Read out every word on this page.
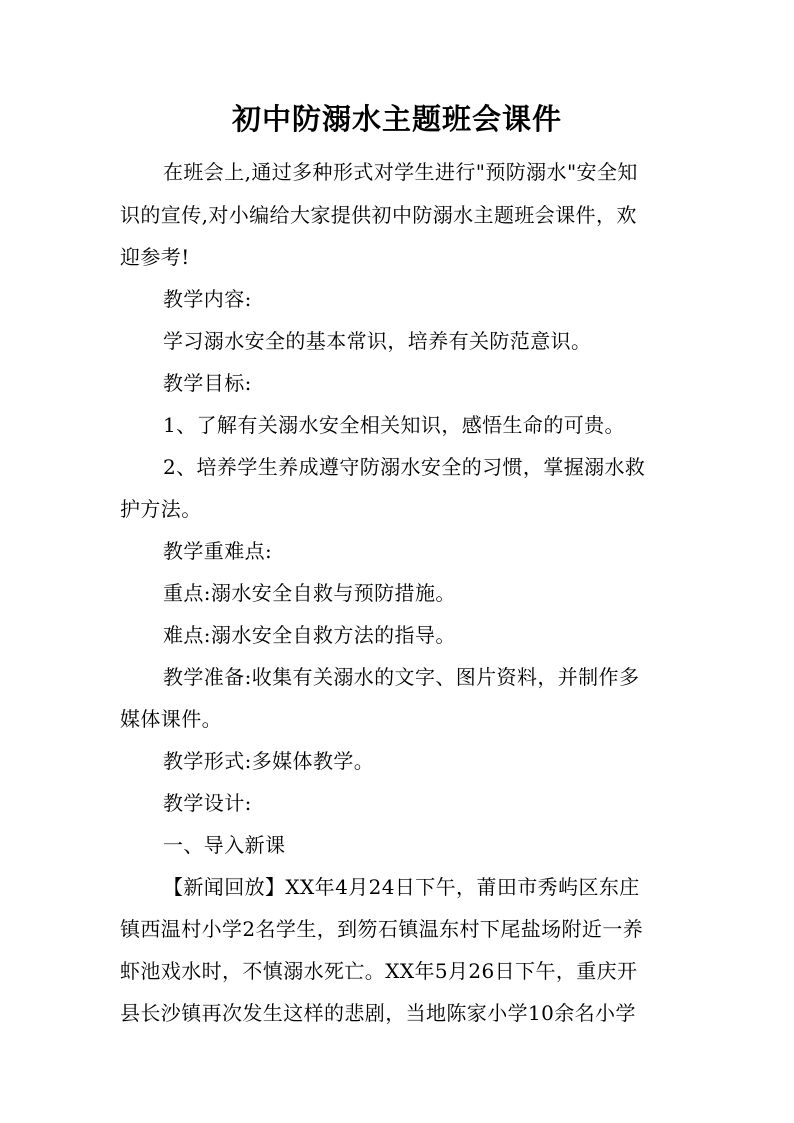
初中防溺水主题班会课件
在班会上,通过多种形式对学生进行"预防溺水"安全知
识的宣传,对小编给大家提供初中防溺水主题班会课件，欢
迎参考!
教学内容:
学习溺水安全的基本常识，培养有关防范意识。
教学目标:
1、了解有关溺水安全相关知识，感悟生命的可贵。
2、培养学生养成遵守防溺水安全的习惯，掌握溺水救
护方法。
教学重难点:
重点:溺水安全自救与预防措施。
难点:溺水安全自救方法的指导。
教学准备:收集有关溺水的文字、图片资料，并制作多
媒体课件。
教学形式:多媒体教学。
教学设计:
一、导入新课
【新闻回放】XX年4月24日下午，莆田市秀屿区东庄
镇西温村小学2名学生，到笏石镇温东村下尾盐场附近一养
虾池戏水时，不慎溺水死亡。XX年5月26日下午，重庆开
县长沙镇再次发生这样的悲剧，当地陈家小学10余名小学
